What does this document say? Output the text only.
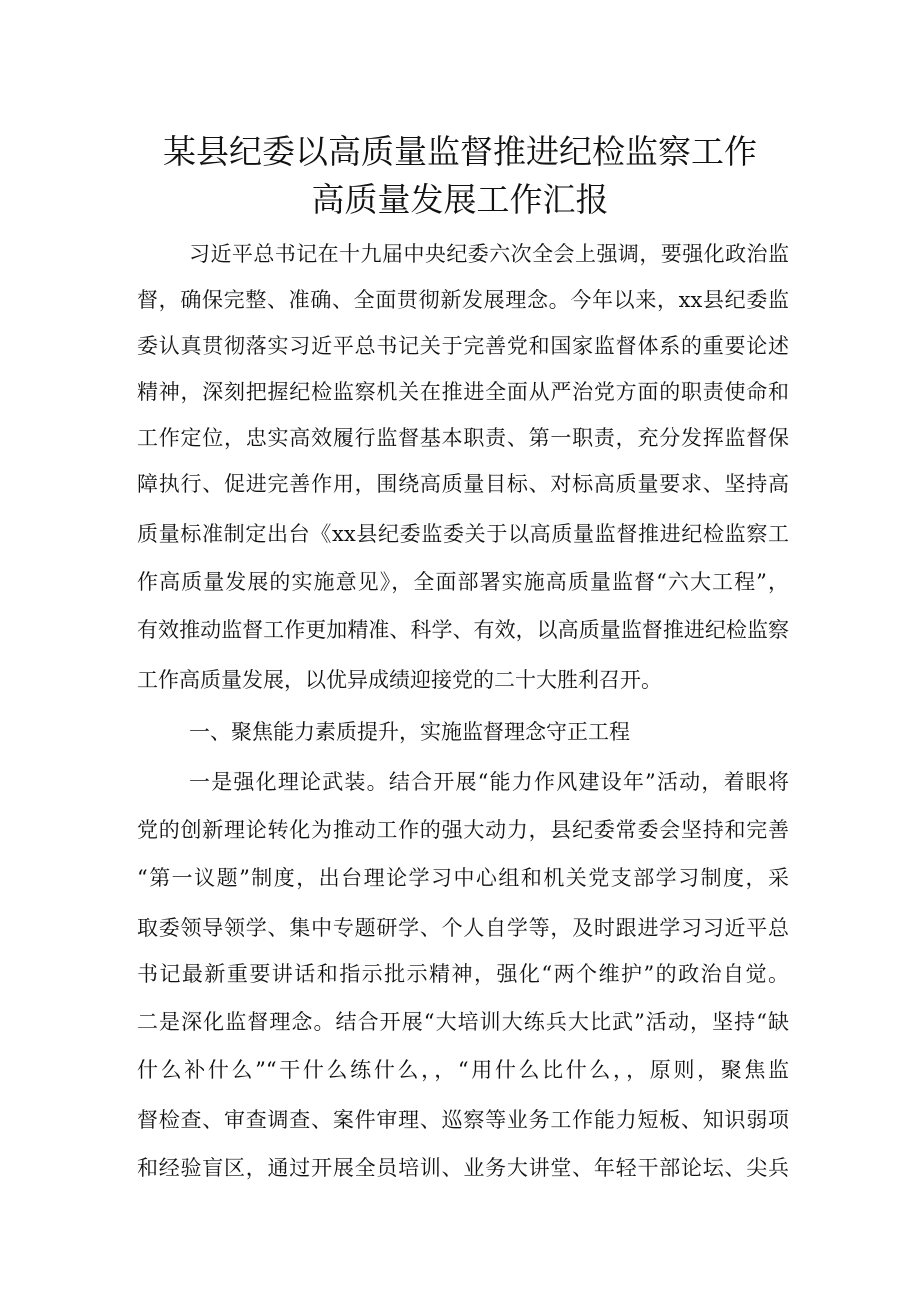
某县纪委以高质量监督推进纪检监察工作
高质量发展工作汇报
习近平总书记在十九届中央纪委六次全会上强调，要强化政治监
督，确保完整、准确、全面贯彻新发展理念。今年以来，xx县纪委监
委认真贯彻落实习近平总书记关于完善党和国家监督体系的重要论述
精神，深刻把握纪检监察机关在推进全面从严治党方面的职责使命和
工作定位，忠实高效履行监督基本职责、第一职责，充分发挥监督保
障执行、促进完善作用，围绕高质量目标、对标高质量要求、坚持高
质量标准制定出台《xx县纪委监委关于以高质量监督推进纪检监察工
作高质量发展的实施意见》，全面部署实施高质量监督“六大工程”，
有效推动监督工作更加精准、科学、有效，以高质量监督推进纪检监察
工作高质量发展，以优异成绩迎接党的二十大胜利召开。
一、聚焦能力素质提升，实施监督理念守正工程
一是强化理论武装。结合开展“能力作风建设年”活动，着眼将
党的创新理论转化为推动工作的强大动力，县纪委常委会坚持和完善
“第一议题”制度，出台理论学习中心组和机关党支部学习制度，采
取委领导领学、集中专题研学、个人自学等，及时跟进学习习近平总
书记最新重要讲话和指示批示精神，强化“两个维护”的政治自觉。
二是深化监督理念。结合开展“大培训大练兵大比武”活动，坚持“缺
什么补什么”“干什么练什么，，“用什么比什么，，原则，聚焦监
督检查、审查调查、案件审理、巡察等业务工作能力短板、知识弱项
和经验盲区，通过开展全员培训、业务大讲堂、年轻干部论坛、尖兵
